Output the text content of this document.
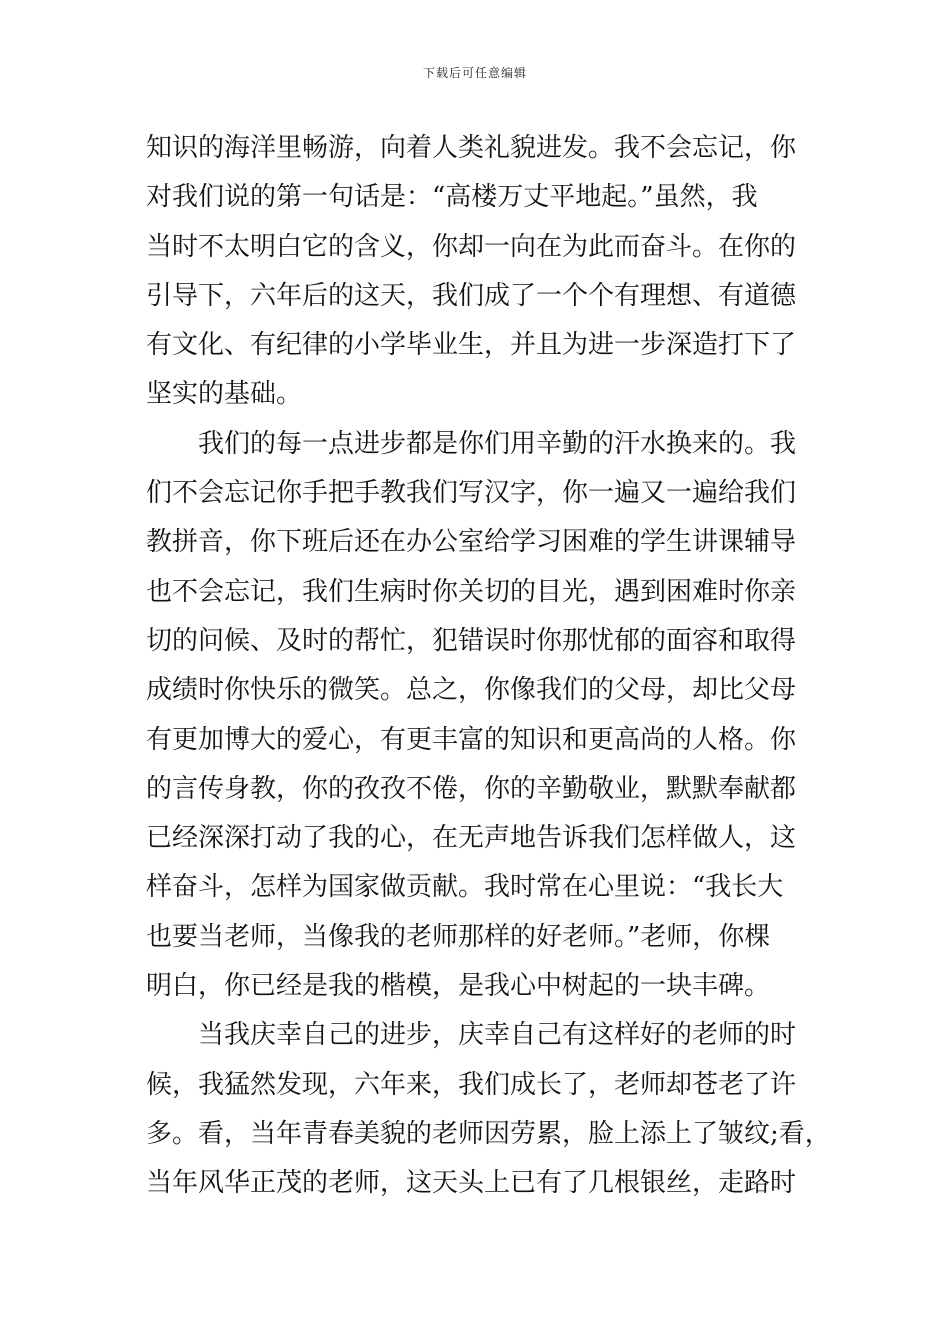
下载后可任意编辑
知识的海洋里畅游，向着人类礼貌进发。我不会忘记，你
对我们说的第一句话是：“高楼万丈平地起。”虽然，我
当时不太明白它的含义，你却一向在为此而奋斗。在你的
引导下，六年后的这天，我们成了一个个有理想、有道德
有文化、有纪律的小学毕业生，并且为进一步深造打下了
坚实的基础。
　　我们的每一点进步都是你们用辛勤的汗水换来的。我
们不会忘记你手把手教我们写汉字，你一遍又一遍给我们
教拼音，你下班后还在办公室给学习困难的学生讲课辅导
也不会忘记，我们生病时你关切的目光，遇到困难时你亲
切的问候、及时的帮忙，犯错误时你那忧郁的面容和取得
成绩时你快乐的微笑。总之，你像我们的父母，却比父母
有更加博大的爱心，有更丰富的知识和更高尚的人格。你
的言传身教，你的孜孜不倦，你的辛勤敬业，默默奉献都
已经深深打动了我的心，在无声地告诉我们怎样做人，这
样奋斗，怎样为国家做贡献。我时常在心里说：“我长大
也要当老师，当像我的老师那样的好老师。”老师，你棵
明白，你已经是我的楷模，是我心中树起的一块丰碑。
　　当我庆幸自己的进步，庆幸自己有这样好的老师的时
候，我猛然发现，六年来，我们成长了，老师却苍老了许
多。看，当年青春美貌的老师因劳累，脸上添上了皱纹;看，
当年风华正茂的老师，这天头上已有了几根银丝，走路时
